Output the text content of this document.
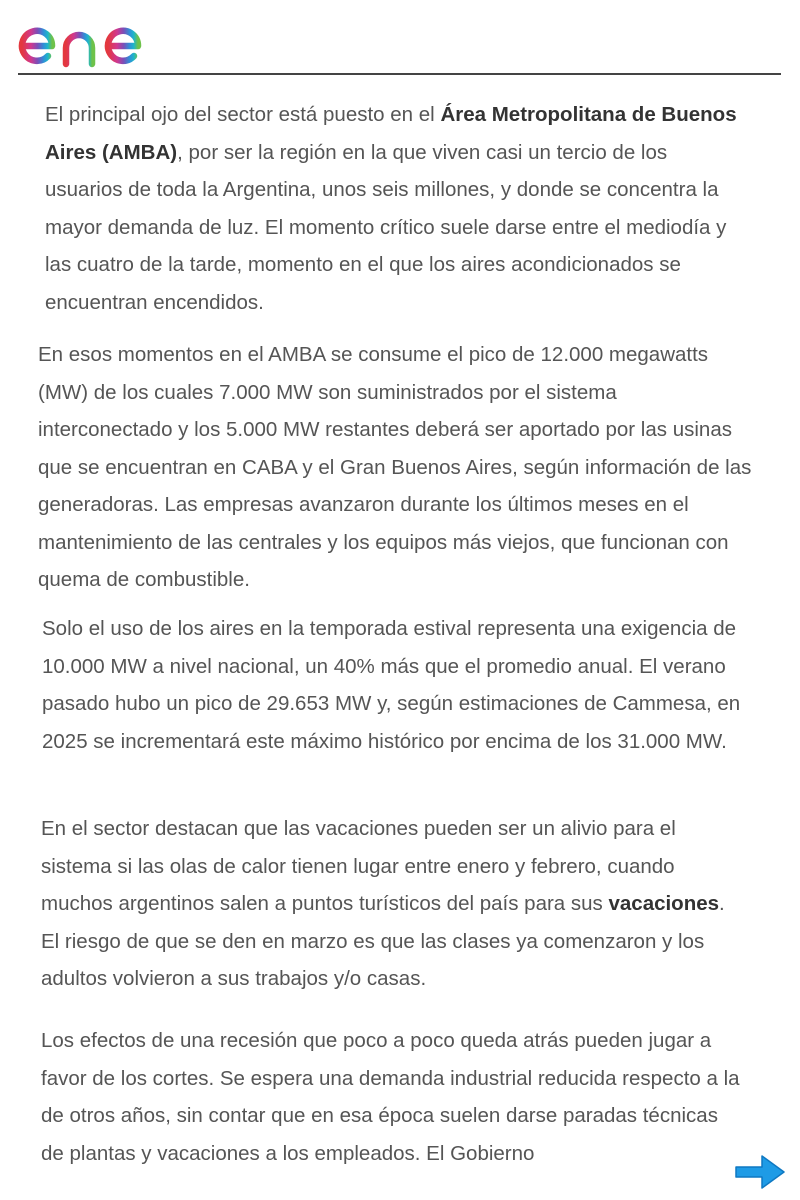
El principal ojo del sector está puesto en el Área Metropolitana de Buenos Aires (AMBA), por ser la región en la que viven casi un tercio de los usuarios de toda la Argentina, unos seis millones, y donde se concentra la mayor demanda de luz. El momento crítico suele darse entre el mediodía y las cuatro de la tarde, momento en el que los aires acondicionados se encuentran encendidos.

En esos momentos en el AMBA se consume el pico de 12.000 megawatts (MW) de los cuales 7.000 MW son suministrados por el sistema interconectado y los 5.000 MW restantes deberá ser aportado por las usinas que se encuentran en CABA y el Gran Buenos Aires, según información de las generadoras. Las empresas avanzaron durante los últimos meses en el mantenimiento de las centrales y los equipos más viejos, que funcionan con quema de combustible.

Solo el uso de los aires en la temporada estival representa una exigencia de 10.000 MW a nivel nacional, un 40% más que el promedio anual. El verano pasado hubo un pico de 29.653 MW y, según estimaciones de Cammesa, en 2025 se incrementará este máximo histórico por encima de los 31.000 MW.

En el sector destacan que las vacaciones pueden ser un alivio para el sistema si las olas de calor tienen lugar entre enero y febrero, cuando muchos argentinos salen a puntos turísticos del país para sus vacaciones. El riesgo de que se den en marzo es que las clases ya comenzaron y los adultos volvieron a sus trabajos y/o casas.

Los efectos de una recesión que poco a poco queda atrás pueden jugar a favor de los cortes. Se espera una demanda industrial reducida respecto a la de otros años, sin contar que en esa época suelen darse paradas técnicas de plantas y vacaciones a los empleados. El Gobierno
